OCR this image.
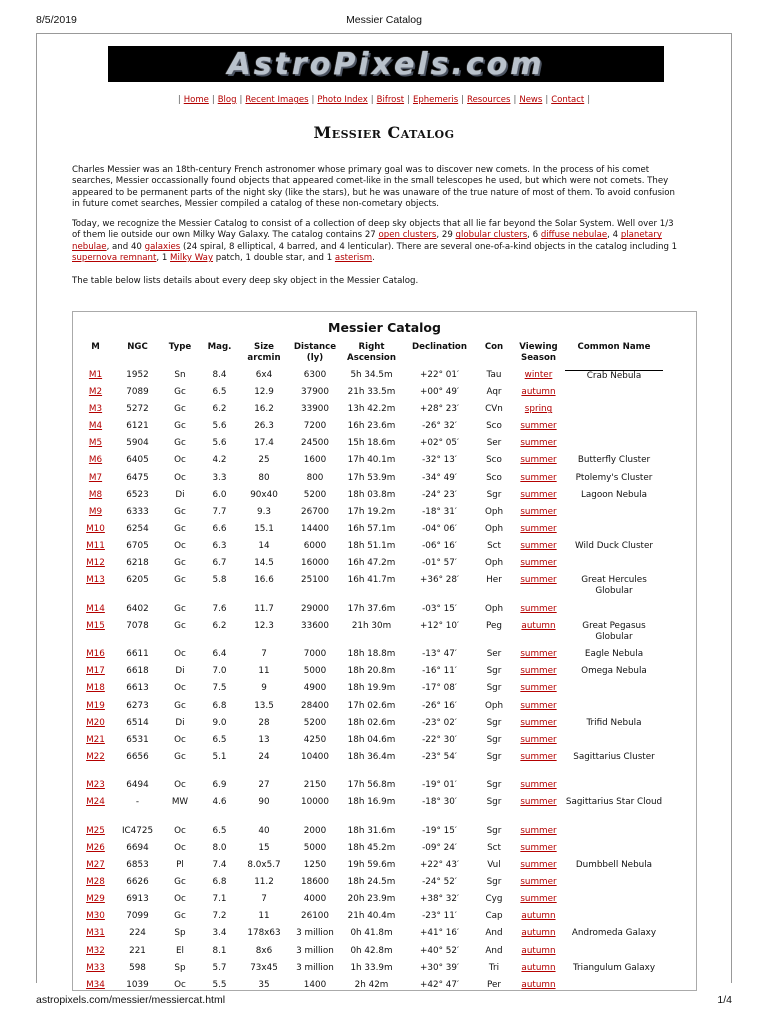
8/5/2019	Messier Catalog
AstroPixels.com
| Home | Blog | Recent Images | Photo Index | Bifrost | Ephemeris | Resources | News | Contact |
Messier Catalog
Charles Messier was an 18th-century French astronomer whose primary goal was to discover new comets. In the process of his comet searches, Messier occassionally found objects that appeared comet-like in the small telescopes he used, but which were not comets. They appeared to be permanent parts of the night sky (like the stars), but he was unaware of the true nature of most of them. To avoid confusion in future comet searches, Messier compiled a catalog of these non-cometary objects.
Today, we recognize the Messier Catalog to consist of a collection of deep sky objects that all lie far beyond the Solar System. Well over 1/3 of them lie outside our own Milky Way Galaxy. The catalog contains 27 open clusters, 29 globular clusters, 6 diffuse nebulae, 4 planetary nebulae, and 40 galaxies (24 spiral, 8 elliptical, 4 barred, and 4 lenticular). There are several one-of-a-kind objects in the catalog including 1 supernova remnant, 1 Milky Way patch, 1 double star, and 1 asterism.
The table below lists details about every deep sky object in the Messier Catalog.
Messier Catalog
M	NGC	Type	Mag.	Size arcmin	Distance (ly)	Right Ascension	Declination	Con	Viewing Season	Common Name
M1	1952	Sn	8.4	6x4	6300	5h 34.5m	+22° 01′	Tau	winter	Crab Nebula
M2	7089	Gc	6.5	12.9	37900	21h 33.5m	+00° 49′	Aqr	autumn	
M3	5272	Gc	6.2	16.2	33900	13h 42.2m	+28° 23′	CVn	spring	
M4	6121	Gc	5.6	26.3	7200	16h 23.6m	-26° 32′	Sco	summer	
M5	5904	Gc	5.6	17.4	24500	15h 18.6m	+02° 05′	Ser	summer	
M6	6405	Oc	4.2	25	1600	17h 40.1m	-32° 13′	Sco	summer	Butterfly Cluster
M7	6475	Oc	3.3	80	800	17h 53.9m	-34° 49′	Sco	summer	Ptolemy's Cluster
M8	6523	Di	6.0	90x40	5200	18h 03.8m	-24° 23′	Sgr	summer	Lagoon Nebula
M9	6333	Gc	7.7	9.3	26700	17h 19.2m	-18° 31′	Oph	summer	
M10	6254	Gc	6.6	15.1	14400	16h 57.1m	-04° 06′	Oph	summer	
M11	6705	Oc	6.3	14	6000	18h 51.1m	-06° 16′	Sct	summer	Wild Duck Cluster
M12	6218	Gc	6.7	14.5	16000	16h 47.2m	-01° 57′	Oph	summer	
M13	6205	Gc	5.8	16.6	25100	16h 41.7m	+36° 28′	Her	summer	Great Hercules Globular
M14	6402	Gc	7.6	11.7	29000	17h 37.6m	-03° 15′	Oph	summer	
M15	7078	Gc	6.2	12.3	33600	21h 30m	+12° 10′	Peg	autumn	Great Pegasus Globular
M16	6611	Oc	6.4	7	7000	18h 18.8m	-13° 47′	Ser	summer	Eagle Nebula
M17	6618	Di	7.0	11	5000	18h 20.8m	-16° 11′	Sgr	summer	Omega Nebula
M18	6613	Oc	7.5	9	4900	18h 19.9m	-17° 08′	Sgr	summer	
M19	6273	Gc	6.8	13.5	28400	17h 02.6m	-26° 16′	Oph	summer	
M20	6514	Di	9.0	28	5200	18h 02.6m	-23° 02′	Sgr	summer	Trifid Nebula
M21	6531	Oc	6.5	13	4250	18h 04.6m	-22° 30′	Sgr	summer	
M22	6656	Gc	5.1	24	10400	18h 36.4m	-23° 54′	Sgr	summer	Sagittarius Cluster
M23	6494	Oc	6.9	27	2150	17h 56.8m	-19° 01′	Sgr	summer	
M24	-	MW	4.6	90	10000	18h 16.9m	-18° 30′	Sgr	summer	Sagittarius Star Cloud
M25	IC4725	Oc	6.5	40	2000	18h 31.6m	-19° 15′	Sgr	summer	
M26	6694	Oc	8.0	15	5000	18h 45.2m	-09° 24′	Sct	summer	
M27	6853	Pl	7.4	8.0x5.7	1250	19h 59.6m	+22° 43′	Vul	summer	Dumbbell Nebula
M28	6626	Gc	6.8	11.2	18600	18h 24.5m	-24° 52′	Sgr	summer	
M29	6913	Oc	7.1	7	4000	20h 23.9m	+38° 32′	Cyg	summer	
M30	7099	Gc	7.2	11	26100	21h 40.4m	-23° 11′	Cap	autumn	
M31	224	Sp	3.4	178x63	3 million	0h 41.8m	+41° 16′	And	autumn	Andromeda Galaxy
M32	221	El	8.1	8x6	3 million	0h 42.8m	+40° 52′	And	autumn	
M33	598	Sp	5.7	73x45	3 million	1h 33.9m	+30° 39′	Tri	autumn	Triangulum Galaxy
M34	1039	Oc	5.5	35	1400	2h 42m	+42° 47′	Per	autumn	
astropixels.com/messier/messiercat.html	1/4
